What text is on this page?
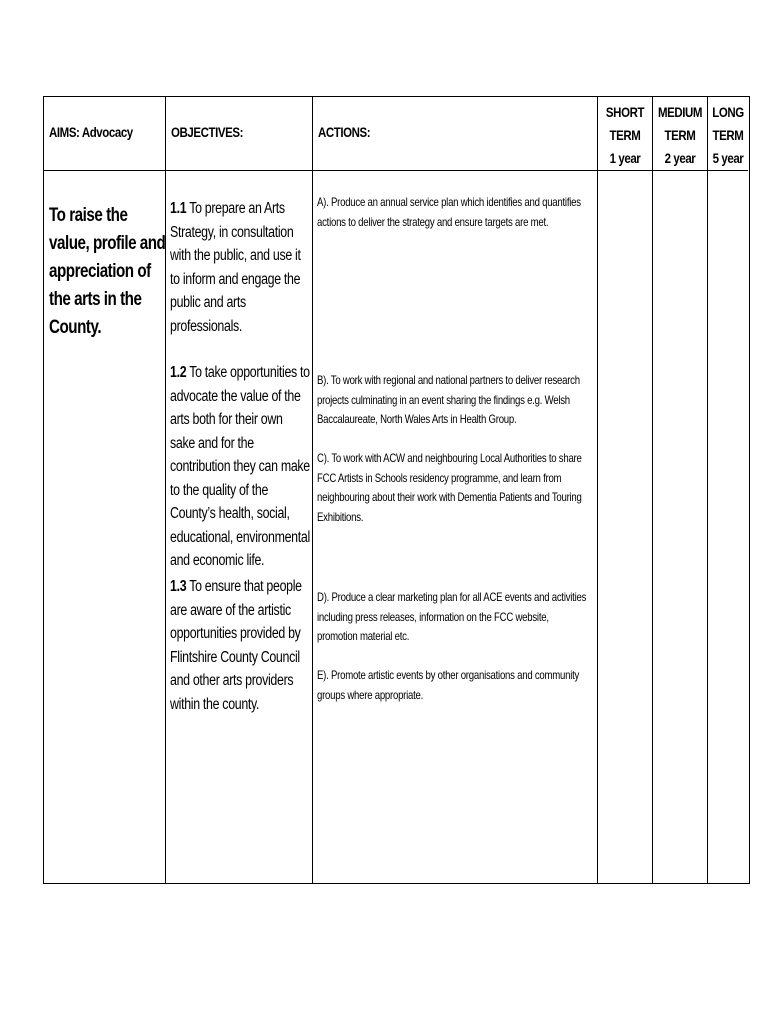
AIMS: Advocacy
To raise the value, profile and appreciation of the arts in the County.
OBJECTIVES:
1.1 To prepare an Arts Strategy, in consultation with the public, and use it to inform and engage the public and arts professionals.
1.2 To take opportunities to advocate the value of the arts both for their own sake and for the contribution they can make to the quality of the County’s health, social, educational, environmental and economic life.
1.3 To ensure that people are aware of the artistic opportunities provided by Flintshire County Council and other arts providers within the county.
ACTIONS:
A). Produce an annual service plan which identifies and quantifies actions to deliver the strategy and ensure targets are met.
B). To work with regional and national partners to deliver research projects culminating in an event sharing the findings e.g. Welsh Baccalaureate, North Wales Arts in Health Group.
C). To work with ACW and neighbouring Local Authorities to share FCC Artists in Schools residency programme, and learn from neighbouring about their work with Dementia Patients and Touring Exhibitions.
D). Produce a clear marketing plan for all ACE events and activities including press releases, information on the FCC website, promotion material etc.
E). Promote artistic events by other organisations and community groups where appropriate.
SHORT
TERM
1 year
MEDIUM
TERM
2 year
LONG
TERM
5 year
